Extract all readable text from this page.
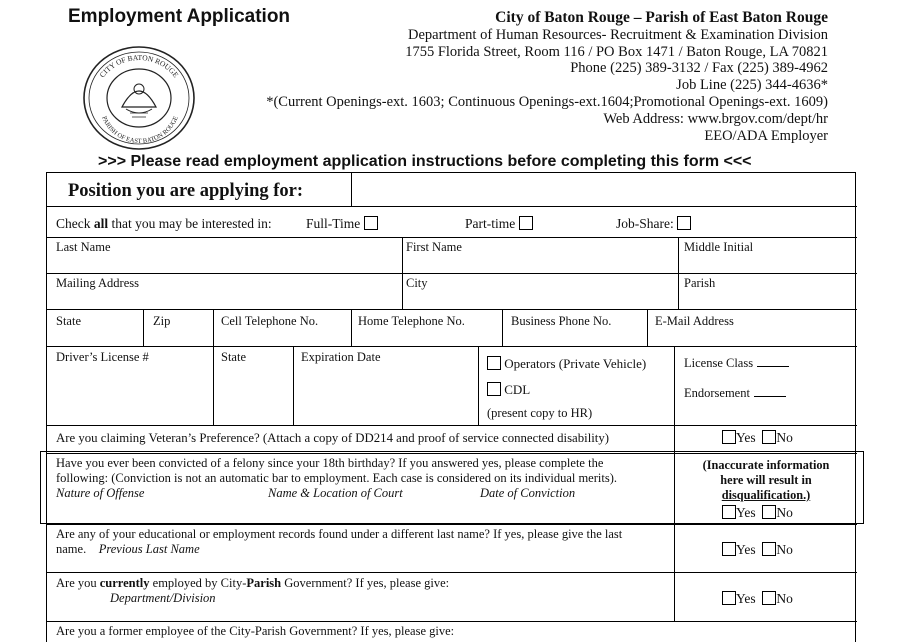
Employment Application
CITY OF BATON ROUGE
PARISH OF EAST BATON ROUGE
City of Baton Rouge – Parish of East Baton Rouge
Department of Human Resources- Recruitment & Examination Division
1755 Florida Street, Room 116 / PO Box 1471 / Baton Rouge, LA 70821
Phone (225) 389-3132 / Fax (225) 389-4962
Job Line (225) 344-4636*
*(Current Openings-ext. 1603; Continuous Openings-ext.1604;Promotional Openings-ext. 1609)
Web Address: www.brgov.com/dept/hr
EEO/ADA Employer
>>> Please read employment application instructions before completing this form <<<
Position you are applying for:
Check all that you may be interested in:	Full-Time	Part-time	Job-Share:
Last Name	First Name	Middle Initial
Mailing Address	City	Parish
State	Zip	Cell Telephone No.	Home Telephone No.	Business Phone No.	E-Mail Address
Driver’s License #	State	Expiration Date	Operators (Private Vehicle)
CDL
(present copy to HR)
License Class
Endorsement
Are you claiming Veteran’s Preference? (Attach a copy of DD214 and proof of service connected disability)	Yes No
Have you ever been convicted of a felony since your 18th birthday? If you answered yes, please complete the
following: (Conviction is not an automatic bar to employment. Each case is considered on its individual merits).
Nature of Offense	Name & Location of Court	Date of Conviction
(Inaccurate information
here will result in
disqualification.)
Yes No
Are any of your educational or employment records found under a different last name? If yes, please give the last
name. Previous Last Name	Yes No
Are you currently employed by City-Parish Government? If yes, please give:
Department/Division	Yes No
Are you a former employee of the City-Parish Government? If yes, please give:
